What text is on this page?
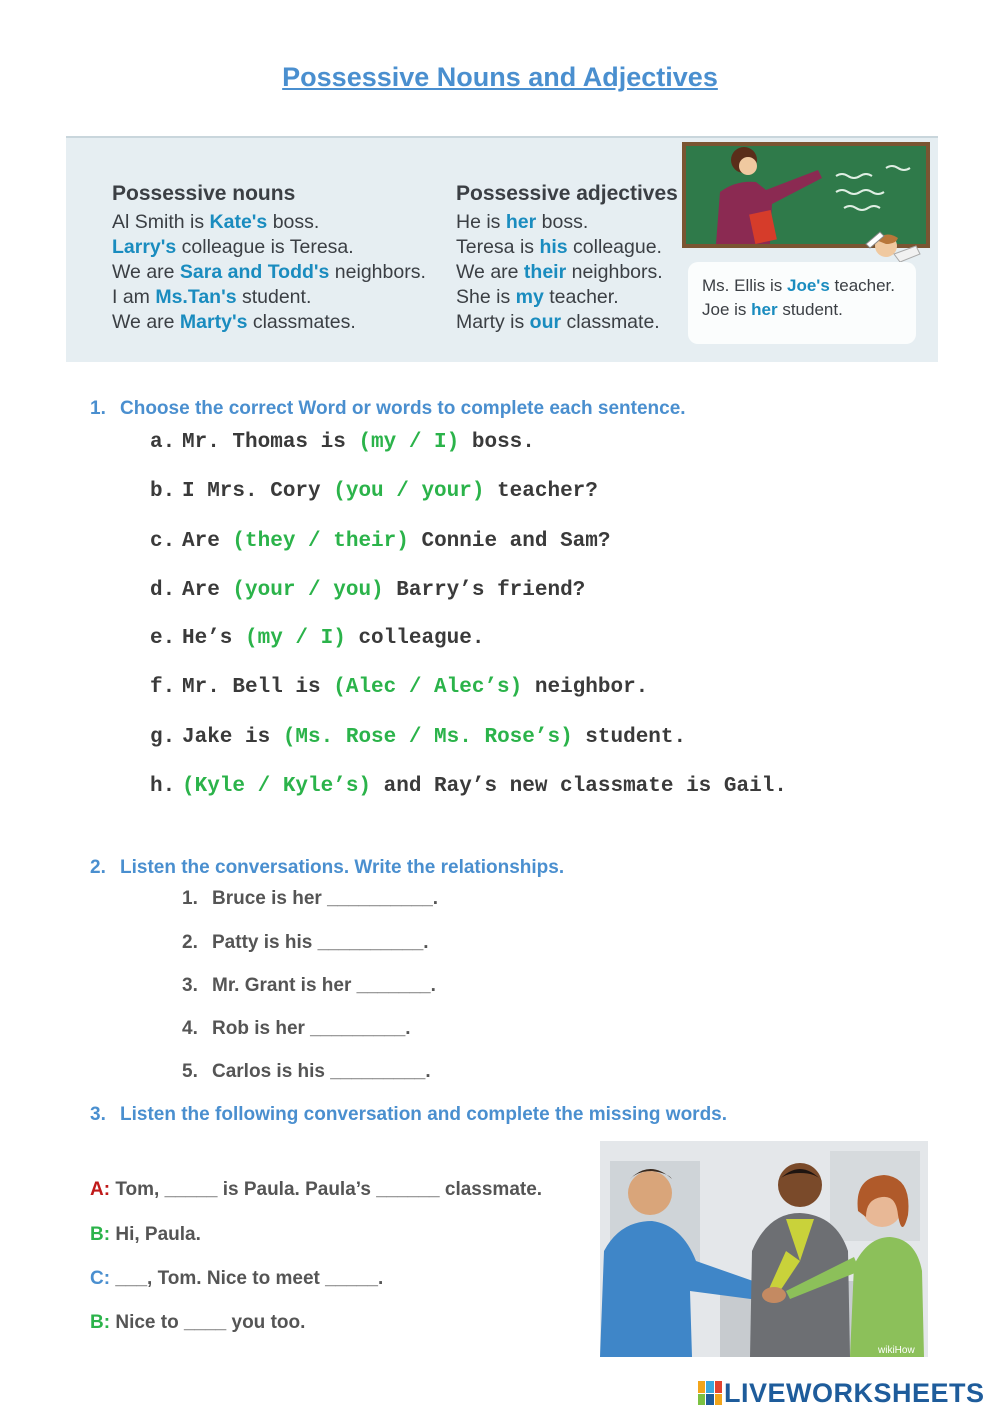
Possessive Nouns and Adjectives
Possessive nouns
Al Smith is Kate's boss.
Larry's colleague is Teresa.
We are Sara and Todd's neighbors.
I am Ms.Tan's student.
We are Marty's classmates.
Possessive adjectives
He is her boss.
Teresa is his colleague.
We are their neighbors.
She is my teacher.
Marty is our classmate.
Ms. Ellis is Joe's teacher.
Joe is her student.
1. Choose the correct Word or words to complete each sentence.
a. Mr. Thomas is (my / I) boss.
b. I Mrs. Cory (you / your) teacher?
c. Are (they / their) Connie and Sam?
d. Are (your / you) Barry’s friend?
e. He’s (my / I) colleague.
f. Mr. Bell is (Alec / Alec’s) neighbor.
g. Jake is (Ms. Rose / Ms. Rose’s) student.
h. (Kyle / Kyle’s) and Ray’s new classmate is Gail.
2. Listen the conversations. Write the relationships.
1. Bruce is her __________.
2. Patty is his __________.
3. Mr. Grant is her _______.
4. Rob is her _________.
5. Carlos is his _________.
3. Listen the following conversation and complete the missing words.
A: Tom, _____ is Paula. Paula’s ______ classmate.
B: Hi, Paula.
C: ___, Tom. Nice to meet _____.
B: Nice to ____ you too.
wikiHow
LIVEWORKSHEETS
